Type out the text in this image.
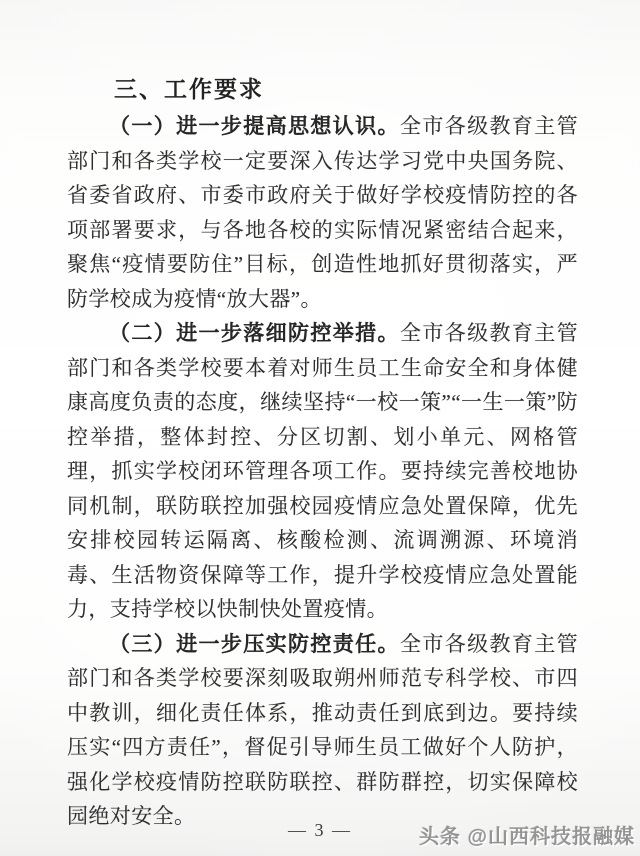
三、工作要求

（一）进一步提高思想认识。全市各级教育主管部门和各类学校一定要深入传达学习党中央国务院、省委省政府、市委市政府关于做好学校疫情防控的各项部署要求，与各地各校的实际情况紧密结合起来，聚焦“疫情要防住”目标，创造性地抓好贯彻落实，严防学校成为疫情“放大器”。

（二）进一步落细防控举措。全市各级教育主管部门和各类学校要本着对师生员工生命安全和身体健康高度负责的态度，继续坚持“一校一策”“一生一策”防控举措，整体封控、分区切割、划小单元、网格管理，抓实学校闭环管理各项工作。要持续完善校地协同机制，联防联控加强校园疫情应急处置保障，优先安排校园转运隔离、核酸检测、流调溯源、环境消毒、生活物资保障等工作，提升学校疫情应急处置能力，支持学校以快制快处置疫情。

（三）进一步压实防控责任。全市各级教育主管部门和各类学校要深刻吸取朔州师范专科学校、市四中教训，细化责任体系，推动责任到底到边。要持续压实“四方责任”，督促引导师生员工做好个人防护，强化学校疫情防控联防联控、群防群控，切实保障校园绝对安全。

— 3 —	头条 @山西科技报融媒
